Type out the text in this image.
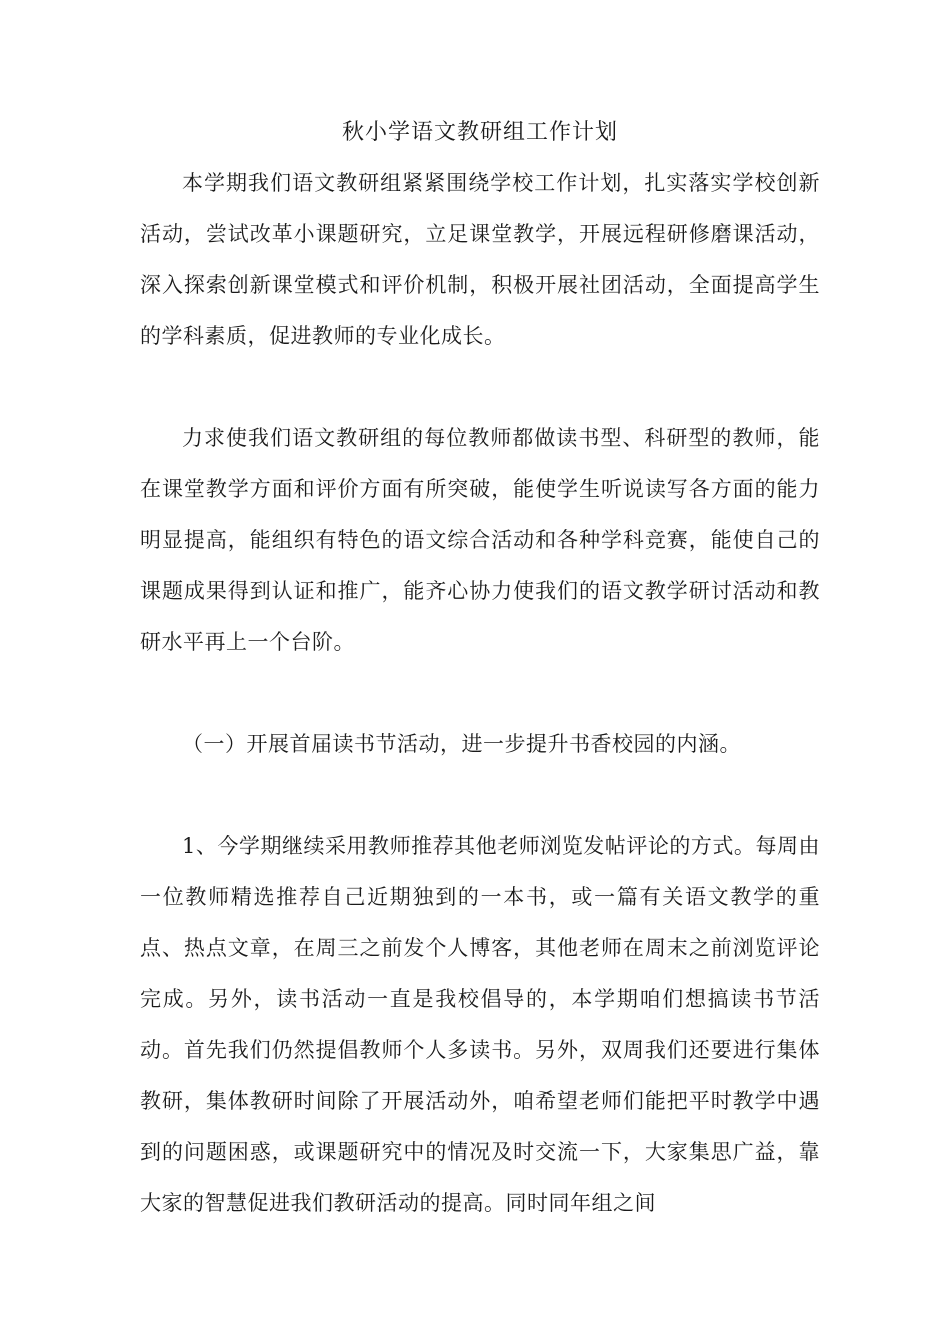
秋小学语文教研组工作计划

本学期我们语文教研组紧紧围绕学校工作计划，扎实落实学校创新活动，尝试改革小课题研究，立足课堂教学，开展远程研修磨课活动，深入探索创新课堂模式和评价机制，积极开展社团活动，全面提高学生的学科素质，促进教师的专业化成长。

力求使我们语文教研组的每位教师都做读书型、科研型的教师，能在课堂教学方面和评价方面有所突破，能使学生听说读写各方面的能力明显提高，能组织有特色的语文综合活动和各种学科竞赛，能使自己的课题成果得到认证和推广，能齐心协力使我们的语文教学研讨活动和教研水平再上一个台阶。

（一）开展首届读书节活动，进一步提升书香校园的内涵。

1、今学期继续采用教师推荐其他老师浏览发帖评论的方式。每周由一位教师精选推荐自己近期独到的一本书，或一篇有关语文教学的重点、热点文章，在周三之前发个人博客，其他老师在周末之前浏览评论完成。另外，读书活动一直是我校倡导的，本学期咱们想搞读书节活动。首先我们仍然提倡教师个人多读书。另外，双周我们还要进行集体教研，集体教研时间除了开展活动外，咱希望老师们能把平时教学中遇到的问题困惑，或课题研究中的情况及时交流一下，大家集思广益，靠大家的智慧促进我们教研活动的提高。同时同年组之间
